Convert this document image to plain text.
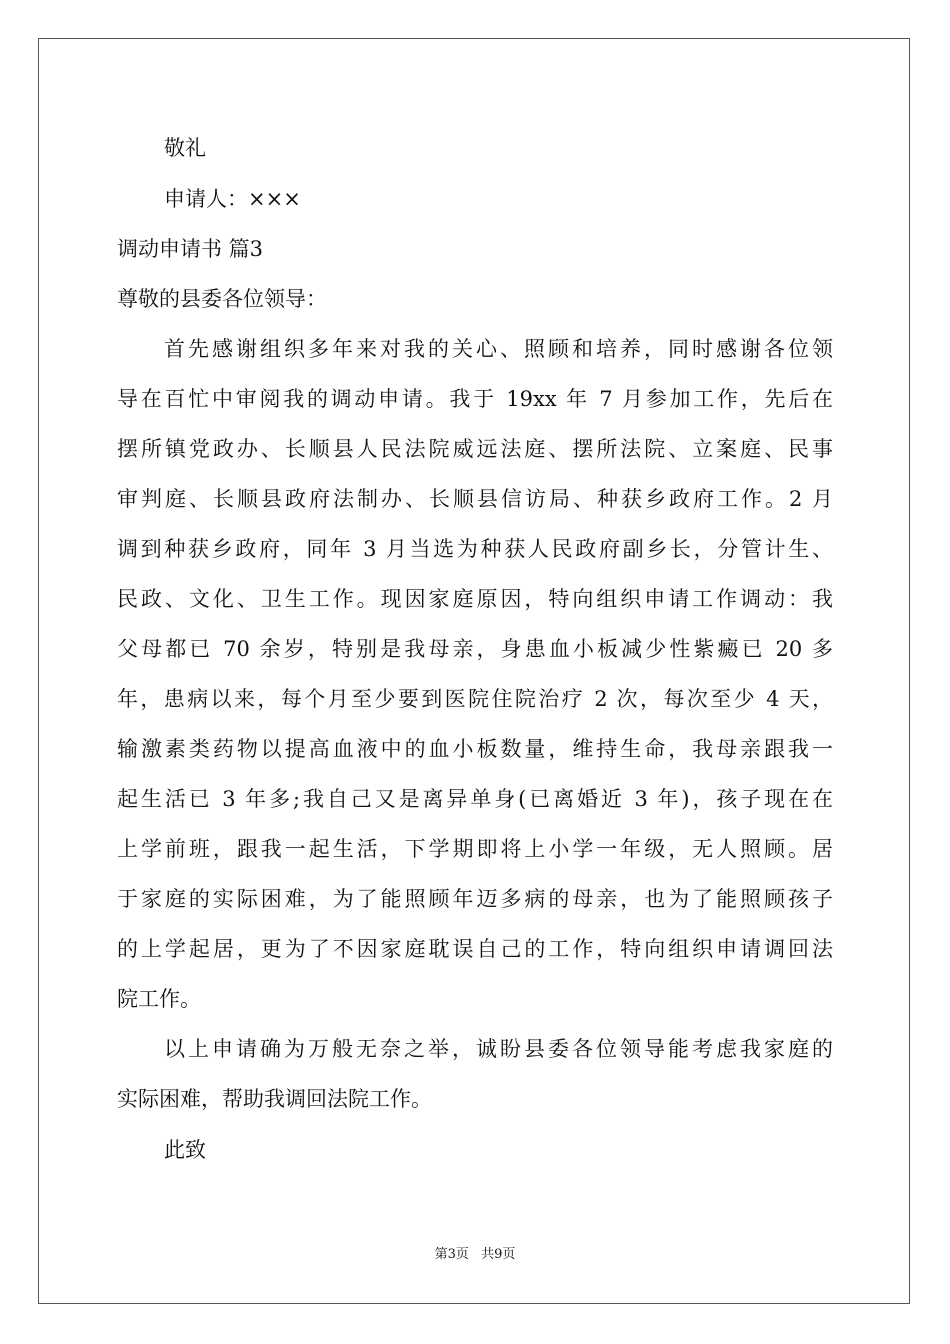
敬礼
申请人：×××
调动申请书 篇3
尊敬的县委各位领导：
首先感谢组织多年来对我的关心、照顾和培养，同时感谢各位领
导在百忙中审阅我的调动申请。我于 19xx 年 7 月参加工作，先后在
摆所镇党政办、长顺县人民法院威远法庭、摆所法院、立案庭、民事
审判庭、长顺县政府法制办、长顺县信访局、种获乡政府工作。2 月
调到种获乡政府，同年 3 月当选为种获人民政府副乡长，分管计生、
民政、文化、卫生工作。现因家庭原因，特向组织申请工作调动：我
父母都已 70 余岁，特别是我母亲，身患血小板减少性紫癜已 20 多
年，患病以来，每个月至少要到医院住院治疗 2 次，每次至少 4 天，
输激素类药物以提高血液中的血小板数量，维持生命，我母亲跟我一
起生活已 3 年多;我自己又是离异单身(已离婚近 3 年)，孩子现在在
上学前班，跟我一起生活，下学期即将上小学一年级，无人照顾。居
于家庭的实际困难，为了能照顾年迈多病的母亲，也为了能照顾孩子
的上学起居，更为了不因家庭耽误自己的工作，特向组织申请调回法
院工作。
以上申请确为万般无奈之举，诚盼县委各位领导能考虑我家庭的
实际困难，帮助我调回法院工作。
此致
第3页 共9页
